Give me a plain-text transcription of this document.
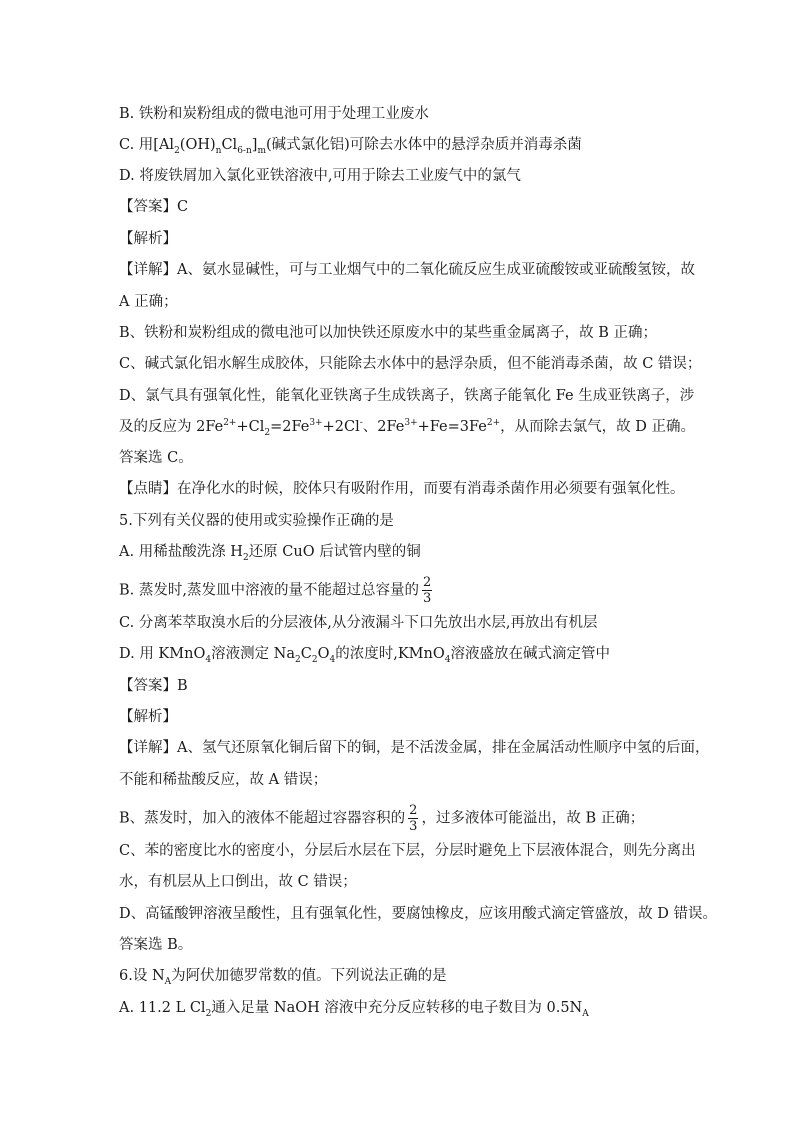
B. 铁粉和炭粉组成的微电池可用于处理工业废水
C. 用$[Al_2(OH)_nCl_{6-n}]_m$(碱式氯化铝)可除去水体中的悬浮杂质并消毒杀菌
D. 将废铁屑加入氯化亚铁溶液中,可用于除去工业废气中的氯气
【答案】C
【解析】
【详解】A、氨水显碱性，可与工业烟气中的二氧化硫反应生成亚硫酸铵或亚硫酸氢铵，故
A 正确；
B、铁粉和炭粉组成的微电池可以加快铁还原废水中的某些重金属离子，故 B 正确；
C、碱式氯化铝水解生成胶体，只能除去水体中的悬浮杂质，但不能消毒杀菌，故 C 错误；
D、氯气具有强氧化性，能氧化亚铁离子生成铁离子，铁离子能氧化 Fe 生成亚铁离子，涉
及的反应为 $2Fe^{2+}+Cl_2=2Fe^{3+}+2Cl^-$、$2Fe^{3+}+Fe=3Fe^{2+}$，从而除去氯气，故 D 正确。
答案选 C。
【点睛】在净化水的时候，胶体只有吸附作用，而要有消毒杀菌作用必须要有强氧化性。
5.下列有关仪器的使用或实验操作正确的是
A. 用稀盐酸洗涤 $H_2$还原 CuO 后试管内壁的铜
B. 蒸发时,蒸发皿中溶液的量不能超过总容量的 $\frac{2}{3}$
C. 分离苯萃取溴水后的分层液体,从分液漏斗下口先放出水层,再放出有机层
D. 用 KMnO$_4$溶液测定 $Na_2C_2O_4$的浓度时,KMnO$_4$溶液盛放在碱式滴定管中
【答案】B
【解析】
【详解】A、氢气还原氧化铜后留下的铜，是不活泼金属，排在金属活动性顺序中氢的后面，
不能和稀盐酸反应，故 A 错误；
B、蒸发时，加入的液体不能超过容器容积的 $\frac{2}{3}$ ，过多液体可能溢出，故 B 正确；
C、苯的密度比水的密度小，分层后水层在下层，分层时避免上下层液体混合，则先分离出
水，有机层从上口倒出，故 C 错误；
D、高锰酸钾溶液呈酸性，且有强氧化性，要腐蚀橡皮，应该用酸式滴定管盛放，故 D 错误。
答案选 B。
6.设 $N_A$为阿伏加德罗常数的值。下列说法正确的是
A. 11.2 L $Cl_2$通入足量 NaOH 溶液中充分反应转移的电子数目为 $0.5N_A$
